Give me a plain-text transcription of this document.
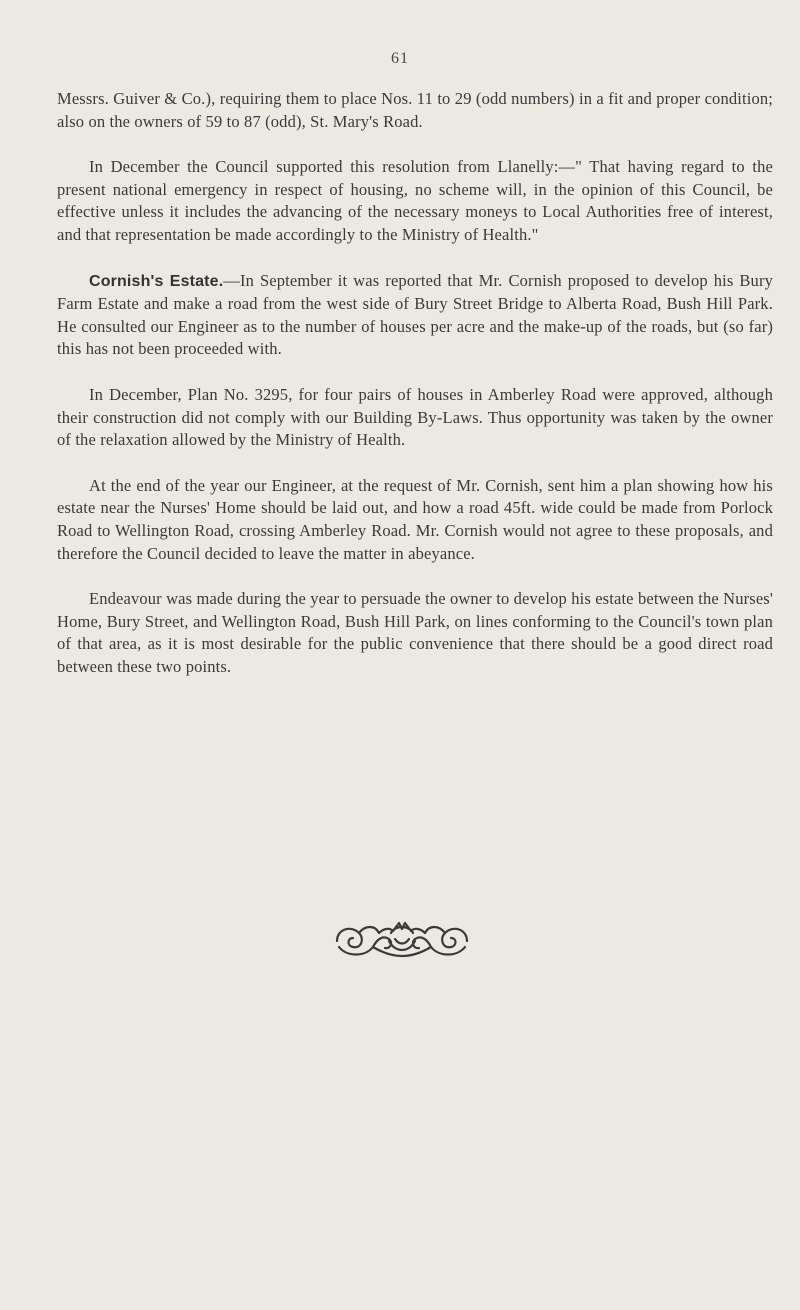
61

Messrs. Guiver & Co.), requiring them to place Nos. 11 to 29 (odd numbers) in a fit and proper condition; also on the owners of 59 to 87 (odd), St. Mary's Road.

In December the Council supported this resolution from Llanelly:—" That having regard to the present national emergency in respect of housing, no scheme will, in the opinion of this Council, be effective unless it includes the advancing of the necessary moneys to Local Authorities free of interest, and that representation be made accordingly to the Ministry of Health."

Cornish's Estate.—In September it was reported that Mr. Cornish proposed to develop his Bury Farm Estate and make a road from the west side of Bury Street Bridge to Alberta Road, Bush Hill Park. He consulted our Engineer as to the number of houses per acre and the make-up of the roads, but (so far) this has not been proceeded with.

In December, Plan No. 3295, for four pairs of houses in Amberley Road were approved, although their construction did not comply with our Building By-Laws. Thus opportunity was taken by the owner of the relaxation allowed by the Ministry of Health.

At the end of the year our Engineer, at the request of Mr. Cornish, sent him a plan showing how his estate near the Nurses' Home should be laid out, and how a road 45ft. wide could be made from Porlock Road to Wellington Road, crossing Amberley Road. Mr. Cornish would not agree to these proposals, and therefore the Council decided to leave the matter in abeyance.

Endeavour was made during the year to persuade the owner to develop his estate between the Nurses' Home, Bury Street, and Wellington Road, Bush Hill Park, on lines conforming to the Council's town plan of that area, as it is most desirable for the public convenience that there should be a good direct road between these two points.
